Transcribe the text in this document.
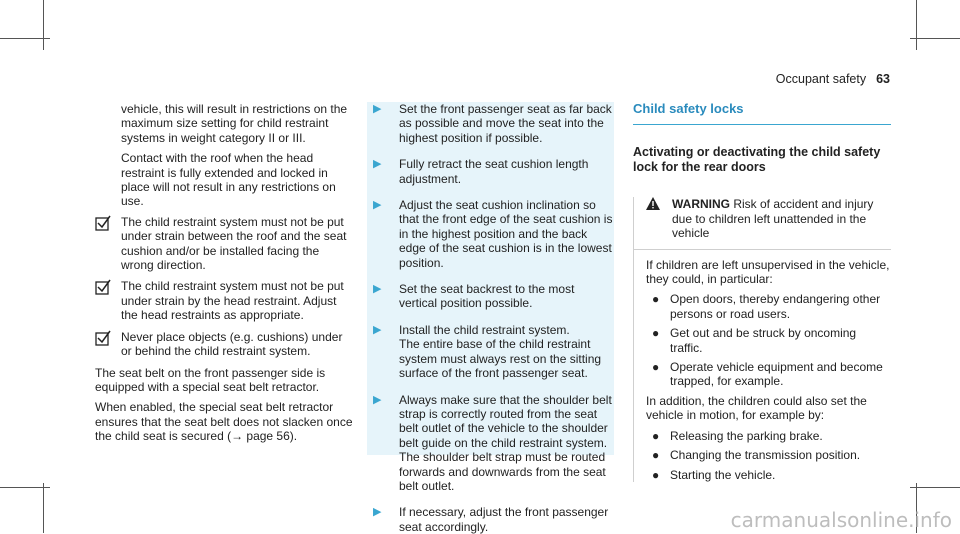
Occupant safety 63

vehicle, this will result in restrictions on the maximum size setting for child restraint systems in weight category II or III.

Contact with the roof when the head restraint is fully extended and locked in place will not result in any restrictions on use.

The child restraint system must not be put under strain between the roof and the seat cushion and/or be installed facing the wrong direction.
The child restraint system must not be put under strain by the head restraint. Adjust the head restraints as appropriate.
Never place objects (e.g. cushions) under or behind the child restraint system.

The seat belt on the front passenger side is equipped with a special seat belt retractor.

When enabled, the special seat belt retractor ensures that the seat belt does not slacken once the child seat is secured (→ page 56).

▶	Set the front passenger seat as far back as possible and move the seat into the highest position if possible.
▶	Fully retract the seat cushion length adjustment.
▶	Adjust the seat cushion inclination so that the front edge of the seat cushion is in the highest position and the back edge of the seat cushion is in the lowest position.
▶	Set the seat backrest to the most vertical position possible.
▶	Install the child restraint system.
The entire base of the child restraint system must always rest on the sitting surface of the front passenger seat.
▶	Always make sure that the shoulder belt strap is correctly routed from the seat belt outlet of the vehicle to the shoulder belt guide on the child restraint system.
The shoulder belt strap must be routed forwards and downwards from the seat belt outlet.
▶	If necessary, adjust the front passenger seat accordingly.
Child safety locks
Activating or deactivating the child safety lock for the rear doors
WARNING Risk of accident and injury due to children left unattended in the vehicle

If children are left unsupervised in the vehicle, they could, in particular:

● Open doors, thereby endangering other persons or road users.
● Get out and be struck by oncoming traffic.
● Operate vehicle equipment and become trapped, for example.

In addition, the children could also set the vehicle in motion, for example by:

● Releasing the parking brake.
● Changing the transmission position.
● Starting the vehicle.
carmanualsonline.info
